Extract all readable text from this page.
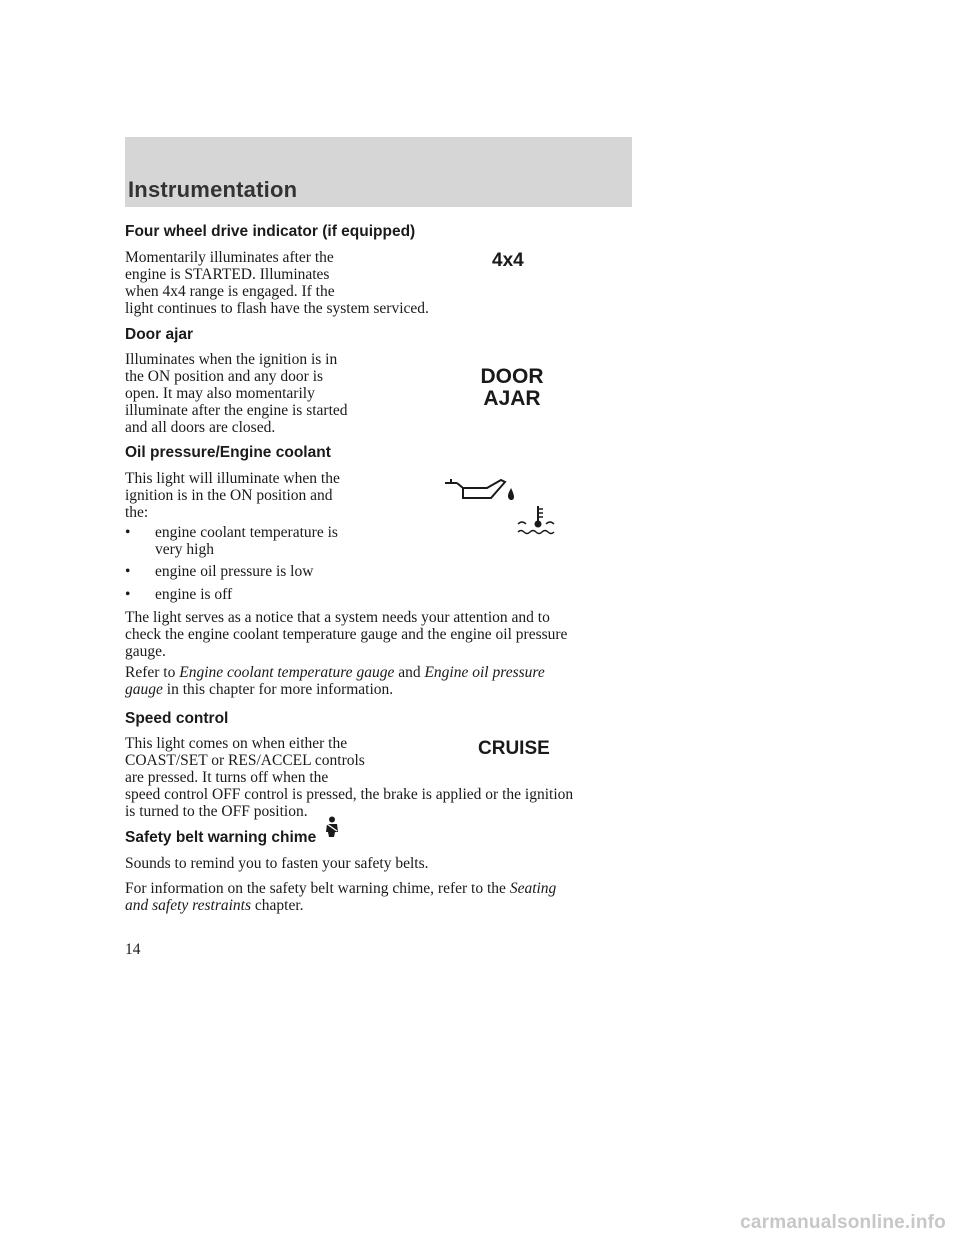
Instrumentation
Four wheel drive indicator (if equipped)
Momentarily illuminates after the
engine is STARTED. Illuminates
when 4x4 range is engaged. If the
light continues to flash have the system serviced.
4x4
Door ajar
Illuminates when the ignition is in
the ON position and any door is
open. It may also momentarily
illuminate after the engine is started
and all doors are closed.
DOOR
AJAR
Oil pressure/Engine coolant
This light will illuminate when the
ignition is in the ON position and
the:
• engine coolant temperature is
very high
• engine oil pressure is low
• engine is off
The light serves as a notice that a system needs your attention and to
check the engine coolant temperature gauge and the engine oil pressure
gauge.
Refer to Engine coolant temperature gauge and Engine oil pressure
gauge in this chapter for more information.
Speed control
This light comes on when either the
COAST/SET or RES/ACCEL controls
are pressed. It turns off when the
speed control OFF control is pressed, the brake is applied or the ignition
is turned to the OFF position.
CRUISE
Safety belt warning chime
Sounds to remind you to fasten your safety belts.
For information on the safety belt warning chime, refer to the Seating
and safety restraints chapter.
14
carmanualsonline.info
